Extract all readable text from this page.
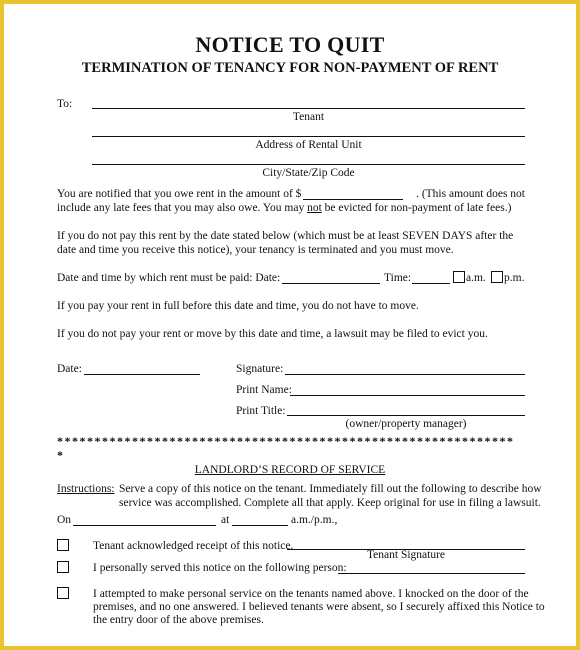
NOTICE TO QUIT
TERMINATION OF TENANCY FOR NON-PAYMENT OF RENT
To:
Tenant
Address of Rental Unit
City/State/Zip Code
You are notified that you owe rent in the amount of $	. (This amount does not
include any late fees that you may also owe. You may not be evicted for non-payment of late fees.)
If you do not pay this rent by the date stated below (which must be at least SEVEN DAYS after the
date and time you receive this notice), your tenancy is terminated and you must move.
Date and time by which rent must be paid: Date:	Time:	a.m. p.m.
If you pay your rent in full before this date and time, you do not have to move.
If you do not pay your rent or move by this date and time, a lawsuit may be filed to evict you.
Date:	Signature:
Print Name:
Print Title:
(owner/property manager)
*************************************************************
*
LANDLORD’S RECORD OF SERVICE
Instructions: Serve a copy of this notice on the tenant. Immediately fill out the following to describe how
service was accomplished. Complete all that apply. Keep original for use in filing a lawsuit.
On	at	a.m./p.m.,
Tenant acknowledged receipt of this notice.
Tenant Signature
I personally served this notice on the following person:
I attempted to make personal service on the tenants named above. I knocked on the door of the
premises, and no one answered. I believed tenants were absent, so I securely affixed this Notice to
the entry door of the above premises.
